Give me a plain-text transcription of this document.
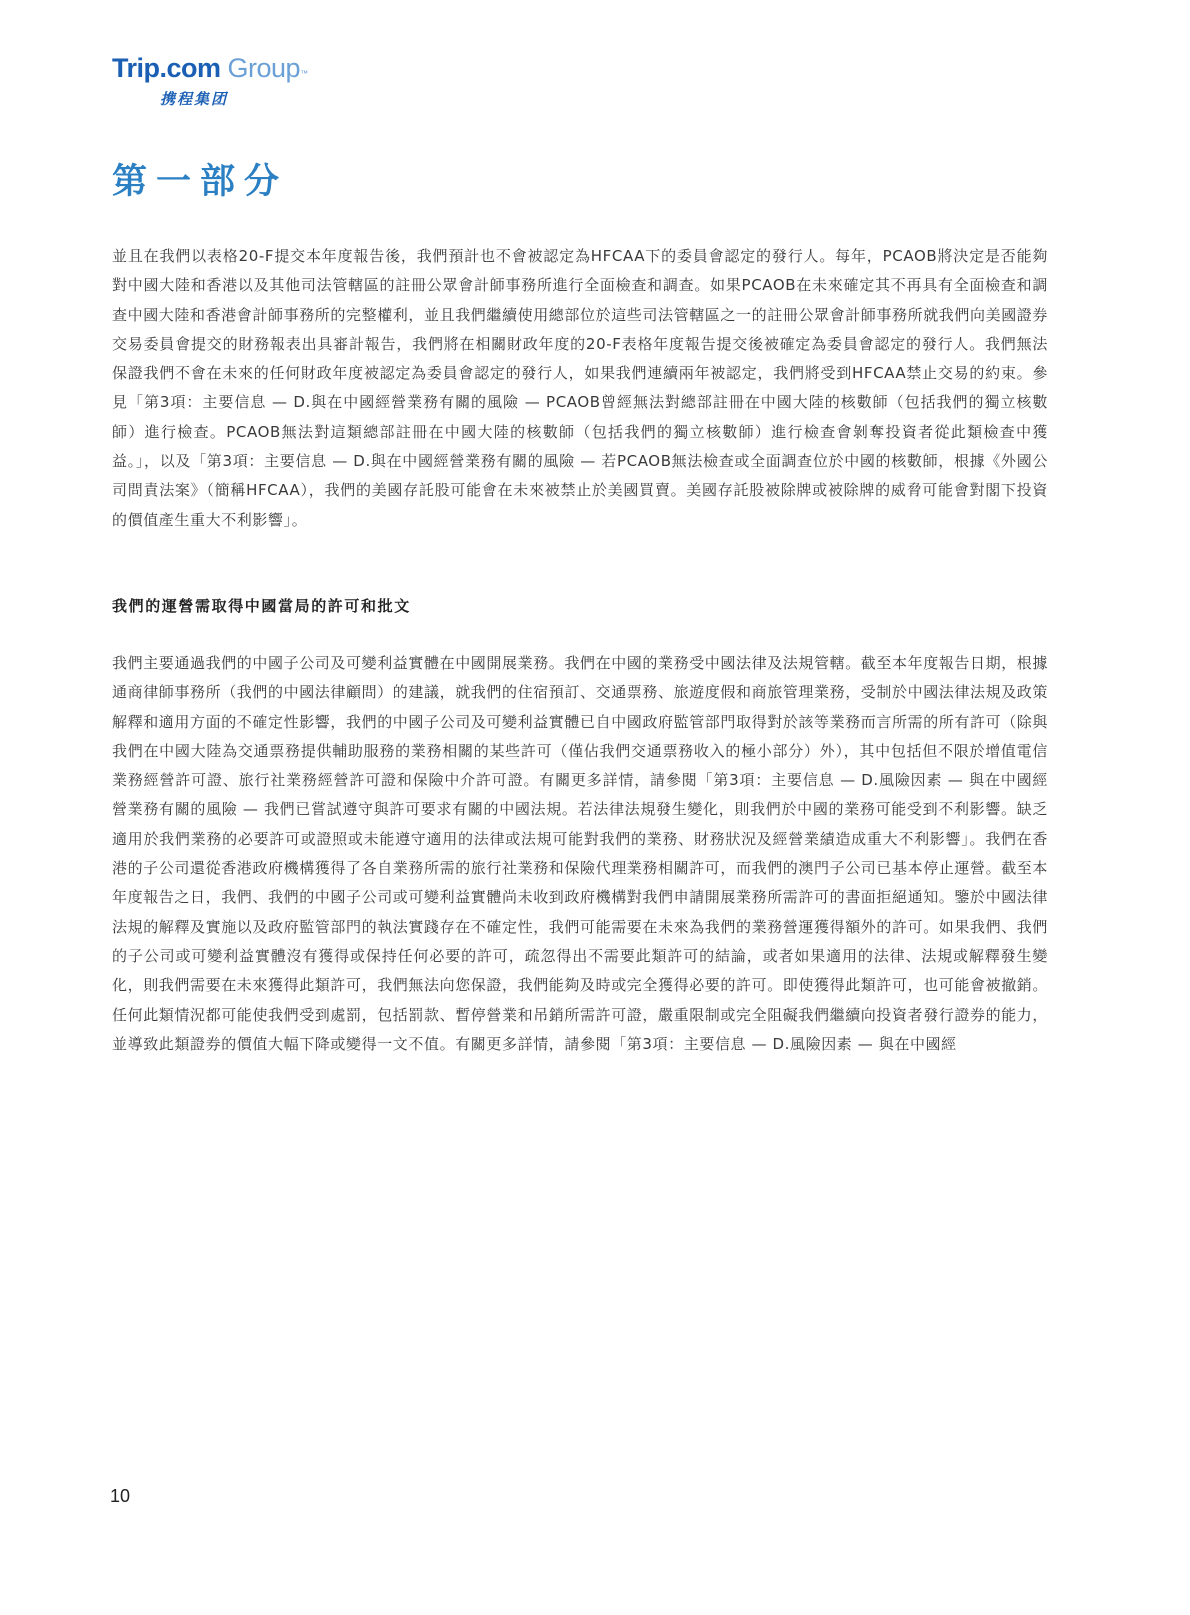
Trip.com Group™
携程集团
第一部分

並且在我們以表格20-F提交本年度報告後，我們預計也不會被認定為HFCAA下的委員會認定的發行人。每年，PCAOB將決定是否能夠對中國大陸和香港以及其他司法管轄區的註冊公眾會計師事務所進行全面檢查和調查。如果PCAOB在未來確定其不再具有全面檢查和調查中國大陸和香港會計師事務所的完整權利，並且我們繼續使用總部位於這些司法管轄區之一的註冊公眾會計師事務所就我們向美國證券交易委員會提交的財務報表出具審計報告，我們將在相關財政年度的20-F表格年度報告提交後被確定為委員會認定的發行人。我們無法保證我們不會在未來的任何財政年度被認定為委員會認定的發行人，如果我們連續兩年被認定，我們將受到HFCAA禁止交易的約束。參見「第3項：主要信息 — D.與在中國經營業務有關的風險 — PCAOB曾經無法對總部註冊在中國大陸的核數師（包括我們的獨立核數師）進行檢查。PCAOB無法對這類總部註冊在中國大陸的核數師（包括我們的獨立核數師）進行檢查會剝奪投資者從此類檢查中獲益。」，以及「第3項：主要信息 — D.與在中國經營業務有關的風險 — 若PCAOB無法檢查或全面調查位於中國的核數師，根據《外國公司問責法案》（簡稱HFCAA），我們的美國存託股可能會在未來被禁止於美國買賣。美國存託股被除牌或被除牌的威脅可能會對閣下投資的價值產生重大不利影響」。

我們的運營需取得中國當局的許可和批文

我們主要通過我們的中國子公司及可變利益實體在中國開展業務。我們在中國的業務受中國法律及法規管轄。截至本年度報告日期，根據通商律師事務所（我們的中國法律顧問）的建議，就我們的住宿預訂、交通票務、旅遊度假和商旅管理業務，受制於中國法律法規及政策解釋和適用方面的不確定性影響，我們的中國子公司及可變利益實體已自中國政府監管部門取得對於該等業務而言所需的所有許可（除與我們在中國大陸為交通票務提供輔助服務的業務相關的某些許可（僅佔我們交通票務收入的極小部分）外），其中包括但不限於增值電信業務經營許可證、旅行社業務經營許可證和保險中介許可證。有關更多詳情，請參閱「第3項：主要信息 — D.風險因素 — 與在中國經營業務有關的風險 — 我們已嘗試遵守與許可要求有關的中國法規。若法律法規發生變化，則我們於中國的業務可能受到不利影響。缺乏適用於我們業務的必要許可或證照或未能遵守適用的法律或法規可能對我們的業務、財務狀況及經營業績造成重大不利影響」。我們在香港的子公司還從香港政府機構獲得了各自業務所需的旅行社業務和保險代理業務相關許可，而我們的澳門子公司已基本停止運營。截至本年度報告之日，我們、我們的中國子公司或可變利益實體尚未收到政府機構對我們申請開展業務所需許可的書面拒絕通知。鑒於中國法律法規的解釋及實施以及政府監管部門的執法實踐存在不確定性，我們可能需要在未來為我們的業務營運獲得額外的許可。如果我們、我們的子公司或可變利益實體沒有獲得或保持任何必要的許可，疏忽得出不需要此類許可的結論，或者如果適用的法律、法規或解釋發生變化，則我們需要在未來獲得此類許可，我們無法向您保證，我們能夠及時或完全獲得必要的許可。即使獲得此類許可，也可能會被撤銷。任何此類情況都可能使我們受到處罰，包括罰款、暫停營業和吊銷所需許可證，嚴重限制或完全阻礙我們繼續向投資者發行證券的能力，並導致此類證券的價值大幅下降或變得一文不值。有關更多詳情，請參閱「第3項：主要信息 — D.風險因素 — 與在中國經

10
